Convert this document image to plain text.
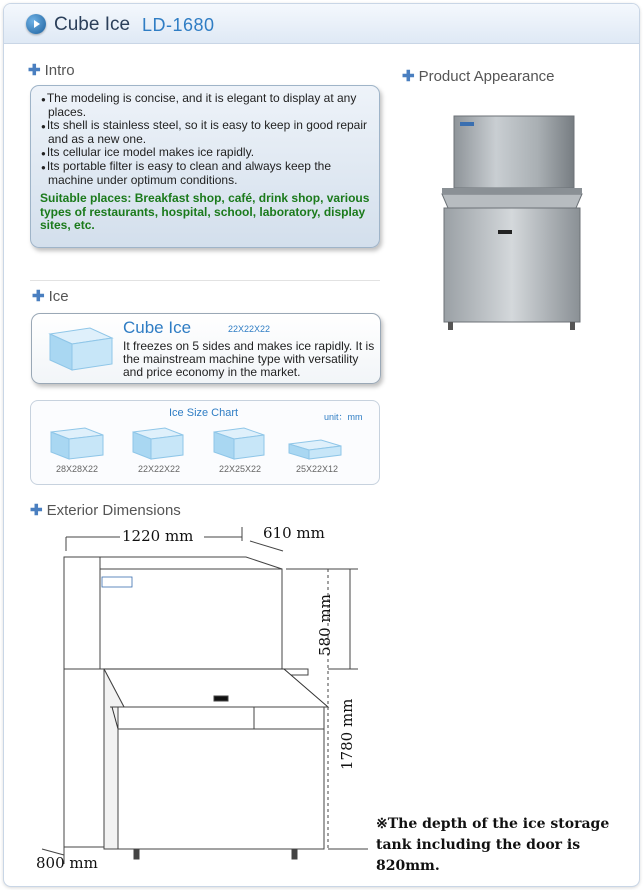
Cube Ice LD-1680
✚ Intro
● The modeling is concise, and it is elegant to display at any places.
● Its shell is stainless steel, so it is easy to keep in good repair and as a new one.
● Its cellular ice model makes ice rapidly.
● Its portable filter is easy to clean and always keep the machine under optimum conditions.
Suitable places: Breakfast shop, café, drink shop, various types of restaurants, hospital, school, laboratory, display sites, etc.
✚ Product Appearance
✚ Ice
Cube Ice	22X22X22
It freezes on 5 sides and makes ice rapidly. It is the mainstream machine type with versatility and price economy in the market.
Ice Size Chart	unit：mm
28X28X22	22X22X22	22X25X22	25X22X12
✚ Exterior Dimensions
1220 mm	610 mm
580 mm
1780 mm
800 mm
※The depth of the ice storage tank including the door is 820mm.
